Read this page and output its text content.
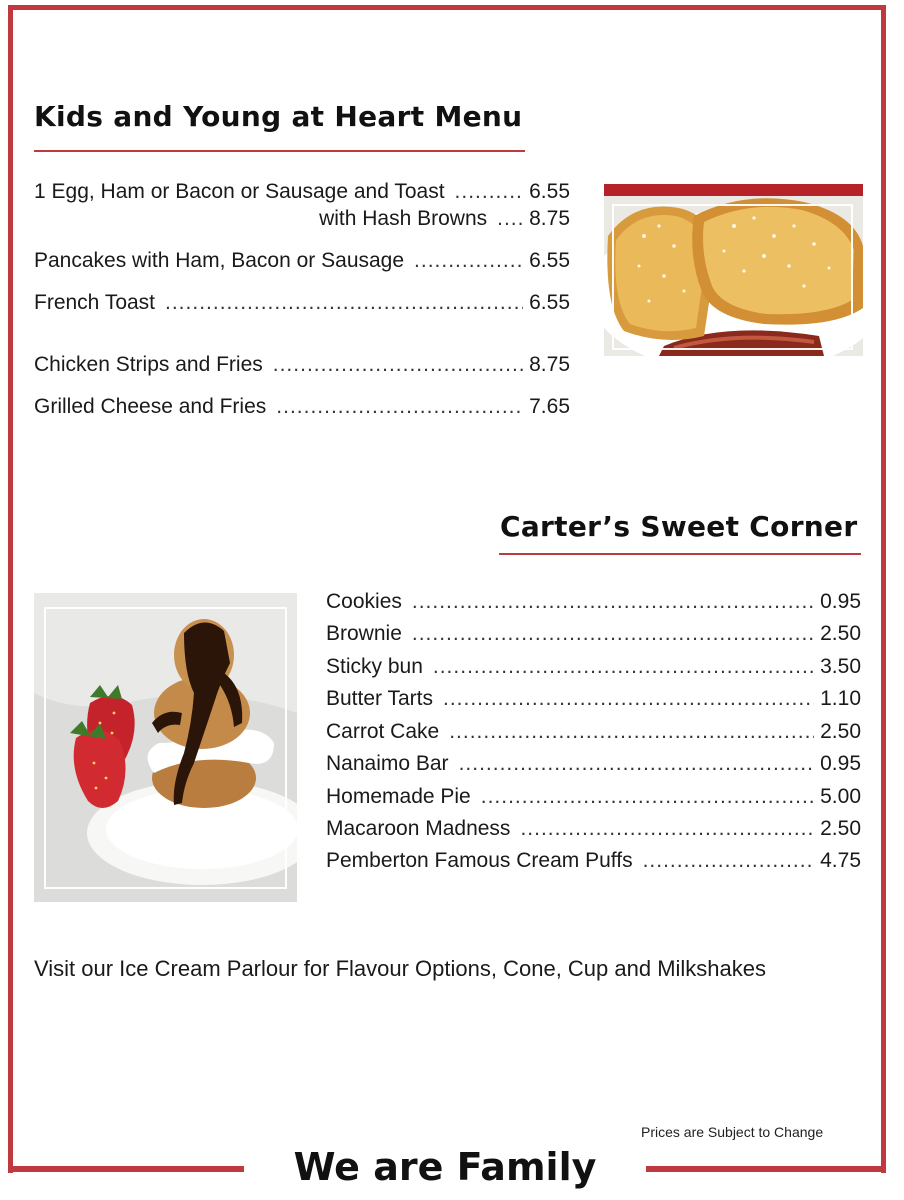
Kids and Young at Heart Menu
1 Egg, Ham or Bacon or Sausage and Toast .....	6.55
with Hash Browns ..... 8.75
Pancakes with Ham, Bacon or Sausage .....	6.55
French Toast .....	6.55
Chicken Strips and Fries .....	8.75
Grilled Cheese and Fries .....	7.65
Carter’s Sweet Corner
Cookies .....	0.95
Brownie .....	2.50
Sticky bun .....	3.50
Butter Tarts .....	1.10
Carrot Cake .....	2.50
Nanaimo Bar .....	0.95
Homemade Pie .....	5.00
Macaroon Madness .....	2.50
Pemberton Famous Cream Puffs .....	4.75

Visit our Ice Cream Parlour for Flavour Options, Cone, Cup and Milkshakes

Prices are Subject to Change

We are Family
